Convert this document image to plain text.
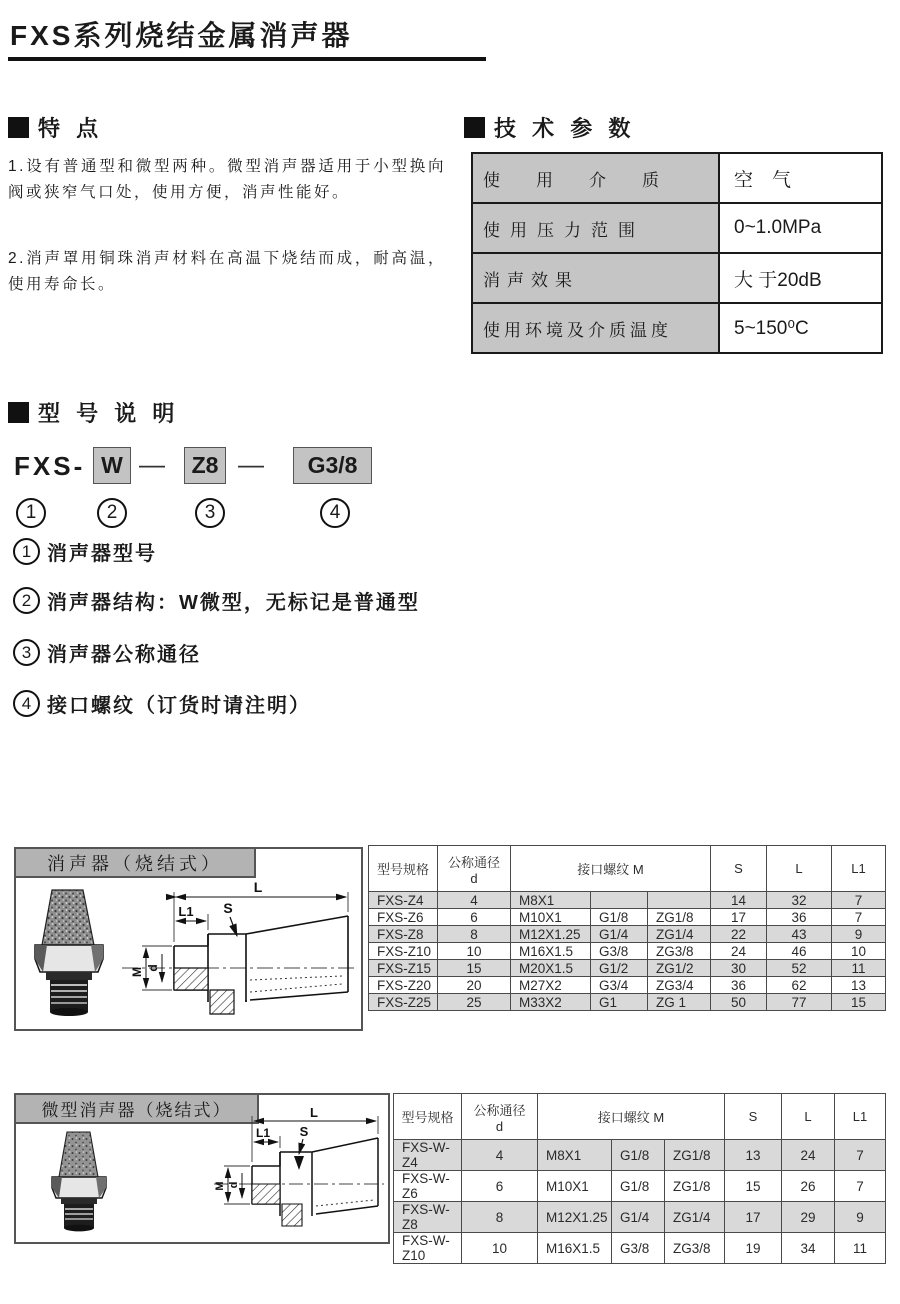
FXS系列烧结金属消声器
特 点

1.设有普通型和微型两种。微型消声器适用于小型换向阀或狭窄气口处，使用方便，消声性能好。

2.消声罩用铜珠消声材料在高温下烧结而成，耐高温，使用寿命长。

技 术 参 数
使用介质	空　气
使用压力范围	0~1.0MPa
消声效果	大 于20dB
使用环境及介质温度	5~150⁰C
型 号 说 明
FXS- W —	Z8 —	G3/8
1	2	3	4
1 消声器型号
2 消声器结构：W微型，无标记是普通型
3 消声器公称通径
4 接口螺纹（订货时请注明）
消声器（烧结式）
L
L1 S
M d
型号规格	公称通径
d	接口螺纹 M			S	L	L1
FXS-Z4	4	M8X1			14	32	7
FXS-Z6	6	M10X1	G1/8	ZG1/8	17	36	7
FXS-Z8	8	M12X1.25	G1/4	ZG1/4	22	43	9
FXS-Z10	10	M16X1.5	G3/8	ZG3/8	24	46	10
FXS-Z15	15	M20X1.5	G1/2	ZG1/2	30	52	11
FXS-Z20	20	M27X2	G3/4	ZG3/4	36	62	13
FXS-Z25	25	M33X2	G1	ZG 1	50	77	15
微型消声器（烧结式）	L
L1 S
M d
型号规格	公称通径
d	接口螺纹 M			S	L	L1
FXS-W-Z4	4	M8X1	G1/8	ZG1/8	13	24	7
FXS-W-Z6	6	M10X1	G1/8	ZG1/8	15	26	7
FXS-W-Z8	8	M12X1.25	G1/4	ZG1/4	17	29	9
FXS-W-Z10	10	M16X1.5	G3/8	ZG3/8	19	34	11
